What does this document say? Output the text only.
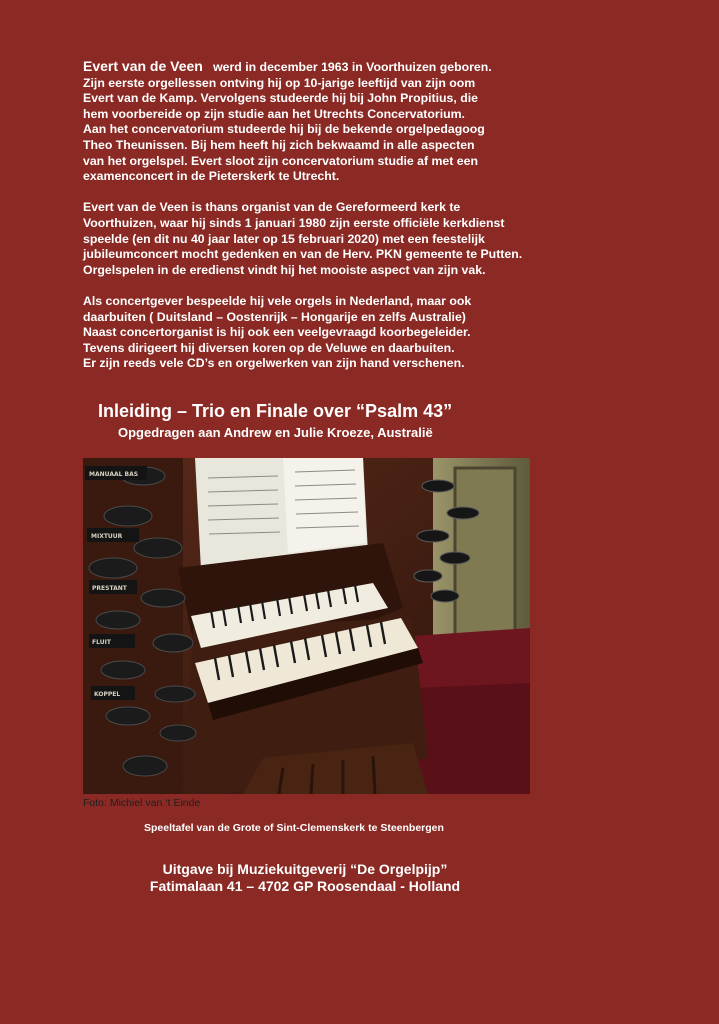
Evert van de Veen werd in december 1963 in Voorthuizen geboren.
Zijn eerste orgellessen ontving hij op 10-jarige leeftijd van zijn oom
Evert van de Kamp. Vervolgens studeerde hij bij John Propitius, die
hem voorbereide op zijn studie aan het Utrechts Concervatorium.
Aan het concervatorium studeerde hij bij de bekende orgelpedagoog
Theo Theunissen. Bij hem heeft hij zich bekwaamd in alle aspecten
van het orgelspel. Evert sloot zijn concervatorium studie af met een
examenconcert in de Pieterskerk te Utrecht.

Evert van de Veen is thans organist van de Gereformeerd kerk te
Voorthuizen, waar hij sinds 1 januari 1980 zijn eerste officiële kerkdienst
speelde (en dit nu 40 jaar later op 15 februari 2020) met een feestelijk
jubileumconcert mocht gedenken en van de Herv. PKN gemeente te Putten.
Orgelspelen in de eredienst vindt hij het mooiste aspect van zijn vak.

Als concertgever bespeelde hij vele orgels in Nederland, maar ook
daarbuiten ( Duitsland – Oostenrijk – Hongarije en zelfs Australie)
Naast concertorganist is hij ook een veelgevraagd koorbegeleider.
Tevens dirigeert hij diversen koren op de Veluwe en daarbuiten.
Er zijn reeds vele CD’s en orgelwerken van zijn hand verschenen.

Inleiding – Trio en Finale over “Psalm 43”
Opgedragen aan Andrew en Julie Kroeze, Australië
MANUAAL BAS
MIXTUUR
PRESTANT
FLUIT
KOPPEL
Foto: Michiel van ‘t Einde
Speeltafel van de Grote of Sint-Clemenskerk te Steenbergen
Uitgave bij Muziekuitgeverij “De Orgelpijp”
Fatimalaan 41 – 4702 GP Roosendaal - Holland
